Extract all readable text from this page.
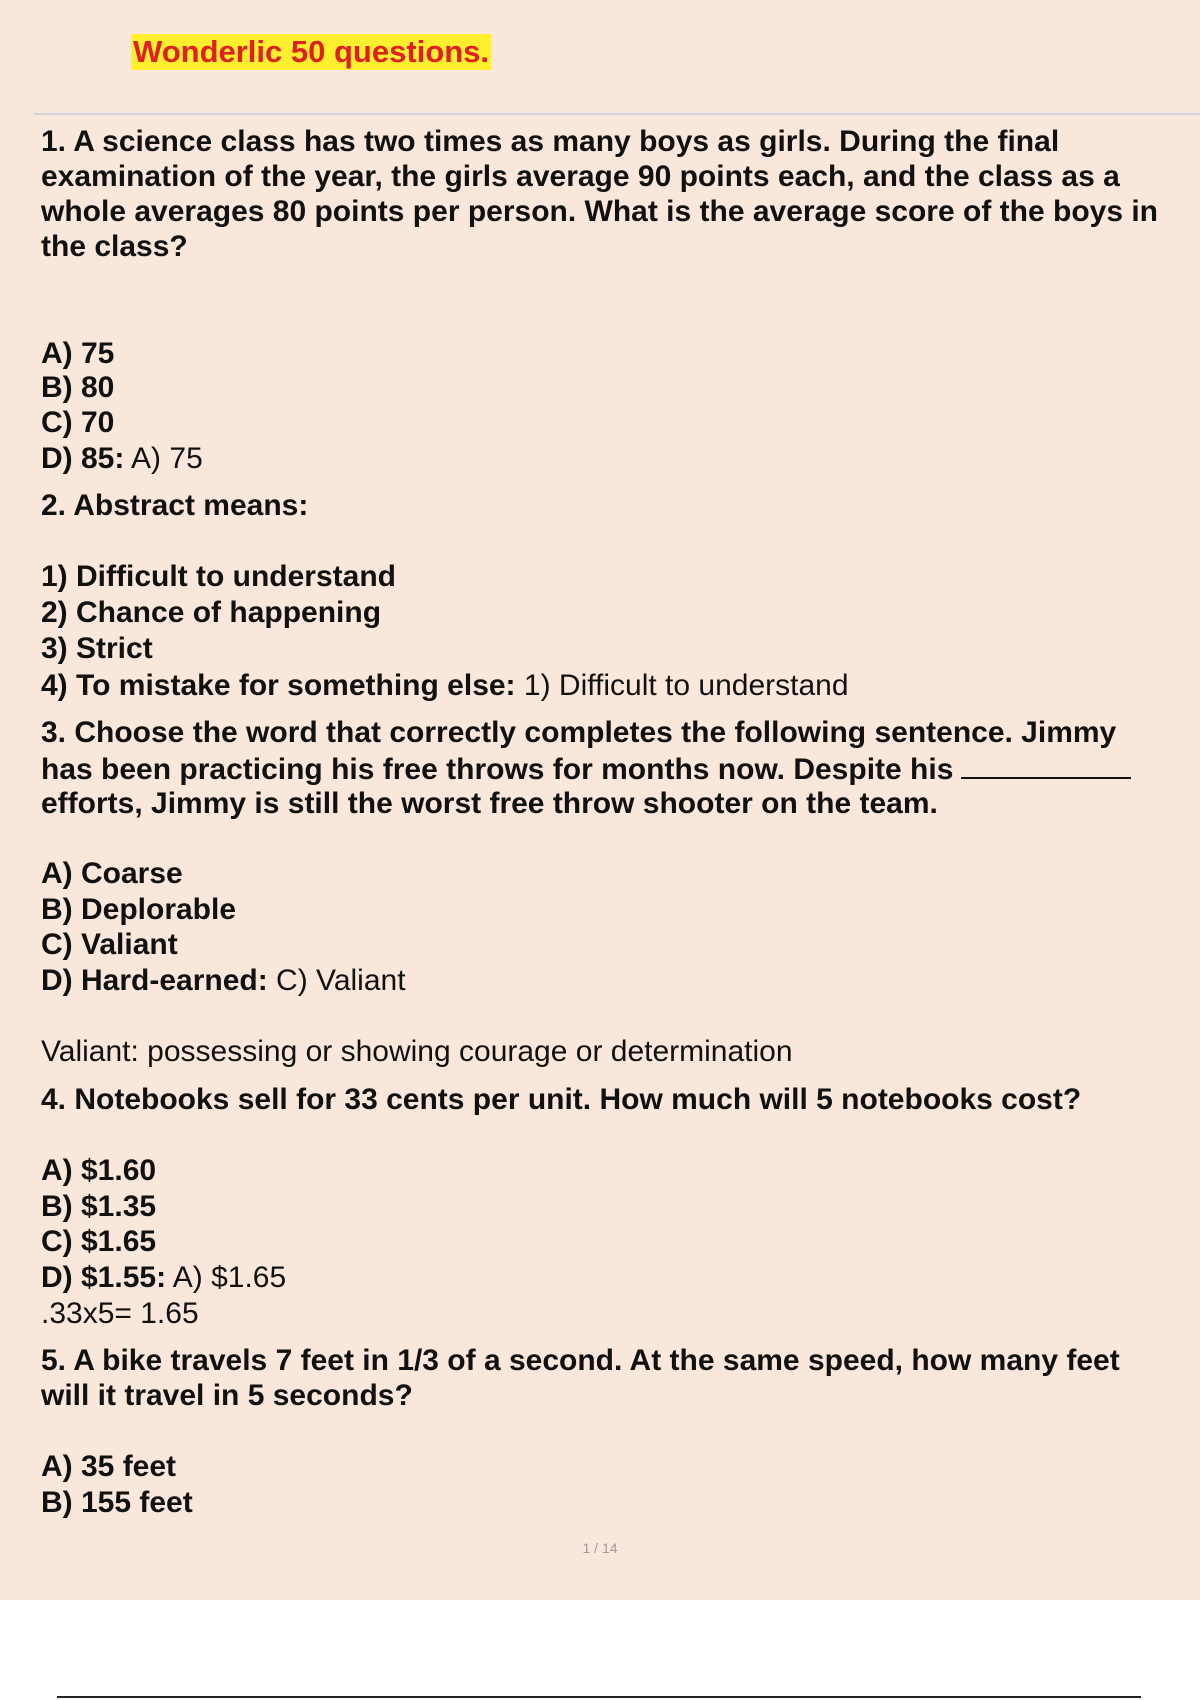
Wonderlic 50 questions.

1. A science class has two times as many boys as girls. During the final examination of the year, the girls average 90 points each, and the class as a whole averages 80 points per person. What is the average score of the boys in the class?

A) 75
B) 80
C) 70
D) 85: A) 75
2. Abstract means:
1) Difficult to understand
2) Chance of happening
3) Strict
4) To mistake for something else: 1) Difficult to understand
3. Choose the word that correctly completes the following sentence. Jimmy
has been practicing his free throws for months now. Despite his
efforts, Jimmy is still the worst free throw shooter on the team.
A) Coarse
B) Deplorable
C) Valiant
D) Hard-earned: C) Valiant
Valiant: possessing or showing courage or determination
4. Notebooks sell for 33 cents per unit. How much will 5 notebooks cost?
A) $1.60
B) $1.35
C) $1.65
D) $1.55: A) $1.65
.33x5= 1.65
5. A bike travels 7 feet in 1/3 of a second. At the same speed, how many feet
will it travel in 5 seconds?
A) 35 feet
B) 155 feet
1 / 14
